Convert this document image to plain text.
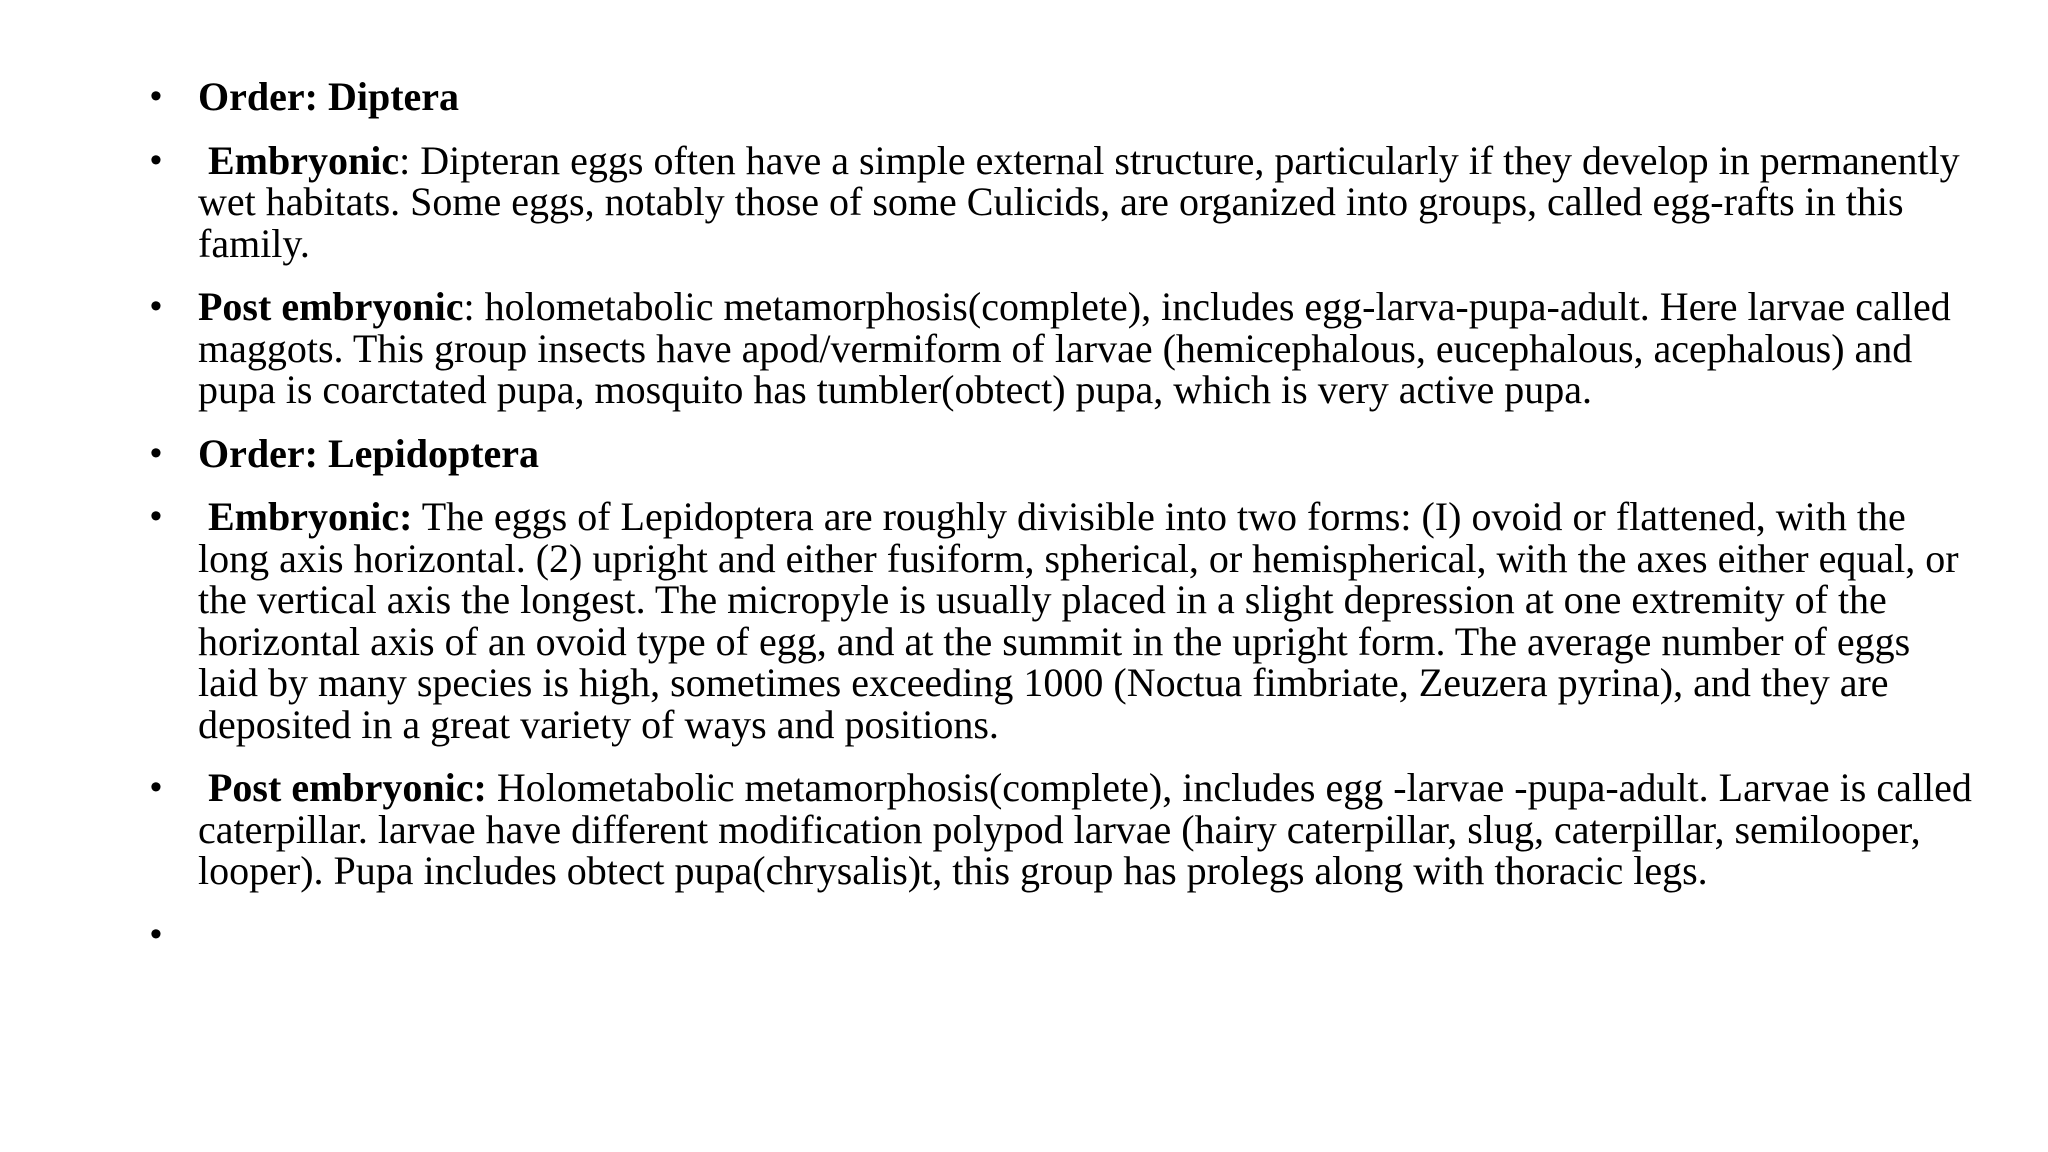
• Order: Diptera
• Embryonic: Dipteran eggs often have a simple external structure, particularly if they develop in permanently wet habitats. Some eggs, notably those of some Culicids, are organized into groups, called egg-rafts in this family.
• Post embryonic: holometabolic metamorphosis(complete), includes egg-larva-pupa-adult. Here larvae called maggots. This group insects have apod/vermiform of larvae (hemicephalous, eucephalous, acephalous) and pupa is coarctated pupa, mosquito has tumbler(obtect) pupa, which is very active pupa.
• Order: Lepidoptera
• Embryonic: The eggs of Lepidoptera are roughly divisible into two forms: (I) ovoid or flattened, with the long axis horizontal. (2) upright and either fusiform, spherical, or hemispherical, with the axes either equal, or the vertical axis the longest. The micropyle is usually placed in a slight depression at one extremity of the horizontal axis of an ovoid type of egg, and at the summit in the upright form. The average number of eggs laid by many species is high, sometimes exceeding 1000 (Noctua fimbriate, Zeuzera pyrina), and they are deposited in a great variety of ways and positions.
• Post embryonic: Holometabolic metamorphosis(complete), includes egg -larvae -pupa-adult. Larvae is called caterpillar. larvae have different modification polypod larvae (hairy caterpillar, slug, caterpillar, semilooper, looper). Pupa includes obtect pupa(chrysalis)t, this group has prolegs along with thoracic legs.
•
